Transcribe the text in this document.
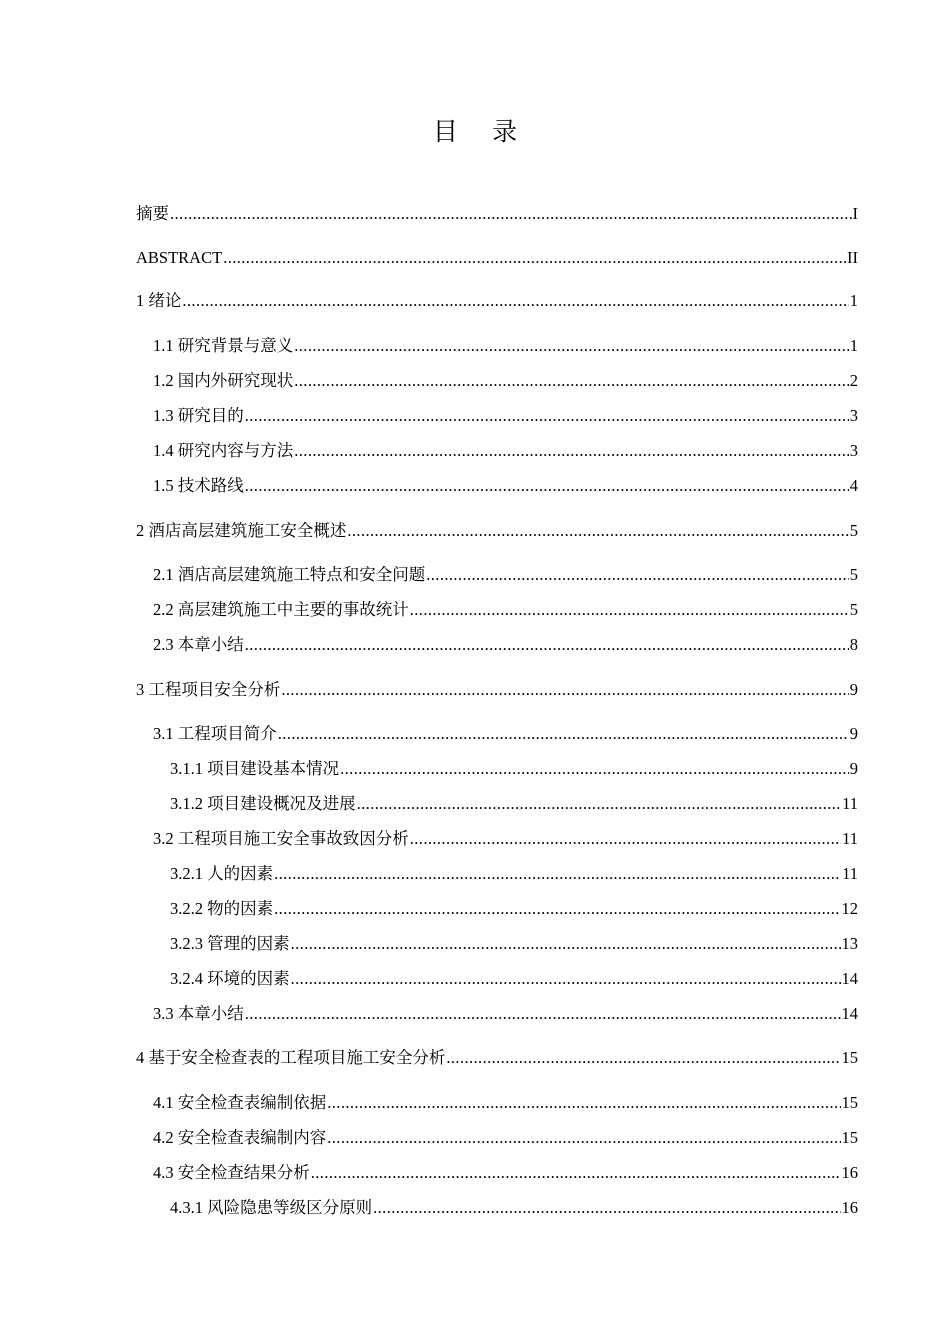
目 录
摘要 .....	I
ABSTRACT .....	II
1 绪论 .....	1
1.1 研究背景与意义 .....	1
1.2 国内外研究现状 .....	2
1.3 研究目的 .....	3
1.4 研究内容与方法 .....	3
1.5 技术路线 .....	4
2 酒店高层建筑施工安全概述 .....	5
2.1 酒店高层建筑施工特点和安全问题 .....	5
2.2 高层建筑施工中主要的事故统计 .....	5
2.3 本章小结 .....	8
3 工程项目安全分析 .....	9
3.1 工程项目简介 .....	9
3.1.1 项目建设基本情况 .....	9
3.1.2 项目建设概况及进展 .....	11
3.2 工程项目施工安全事故致因分析 .....	11
3.2.1 人的因素 .....	11
3.2.2 物的因素 .....	12
3.2.3 管理的因素 .....	13
3.2.4 环境的因素 .....	14
3.3 本章小结 .....	14
4 基于安全检查表的工程项目施工安全分析 .....	15
4.1 安全检查表编制依据 .....	15
4.2 安全检查表编制内容 .....	15
4.3 安全检查结果分析 .....	16
4.3.1 风险隐患等级区分原则 .....	16
